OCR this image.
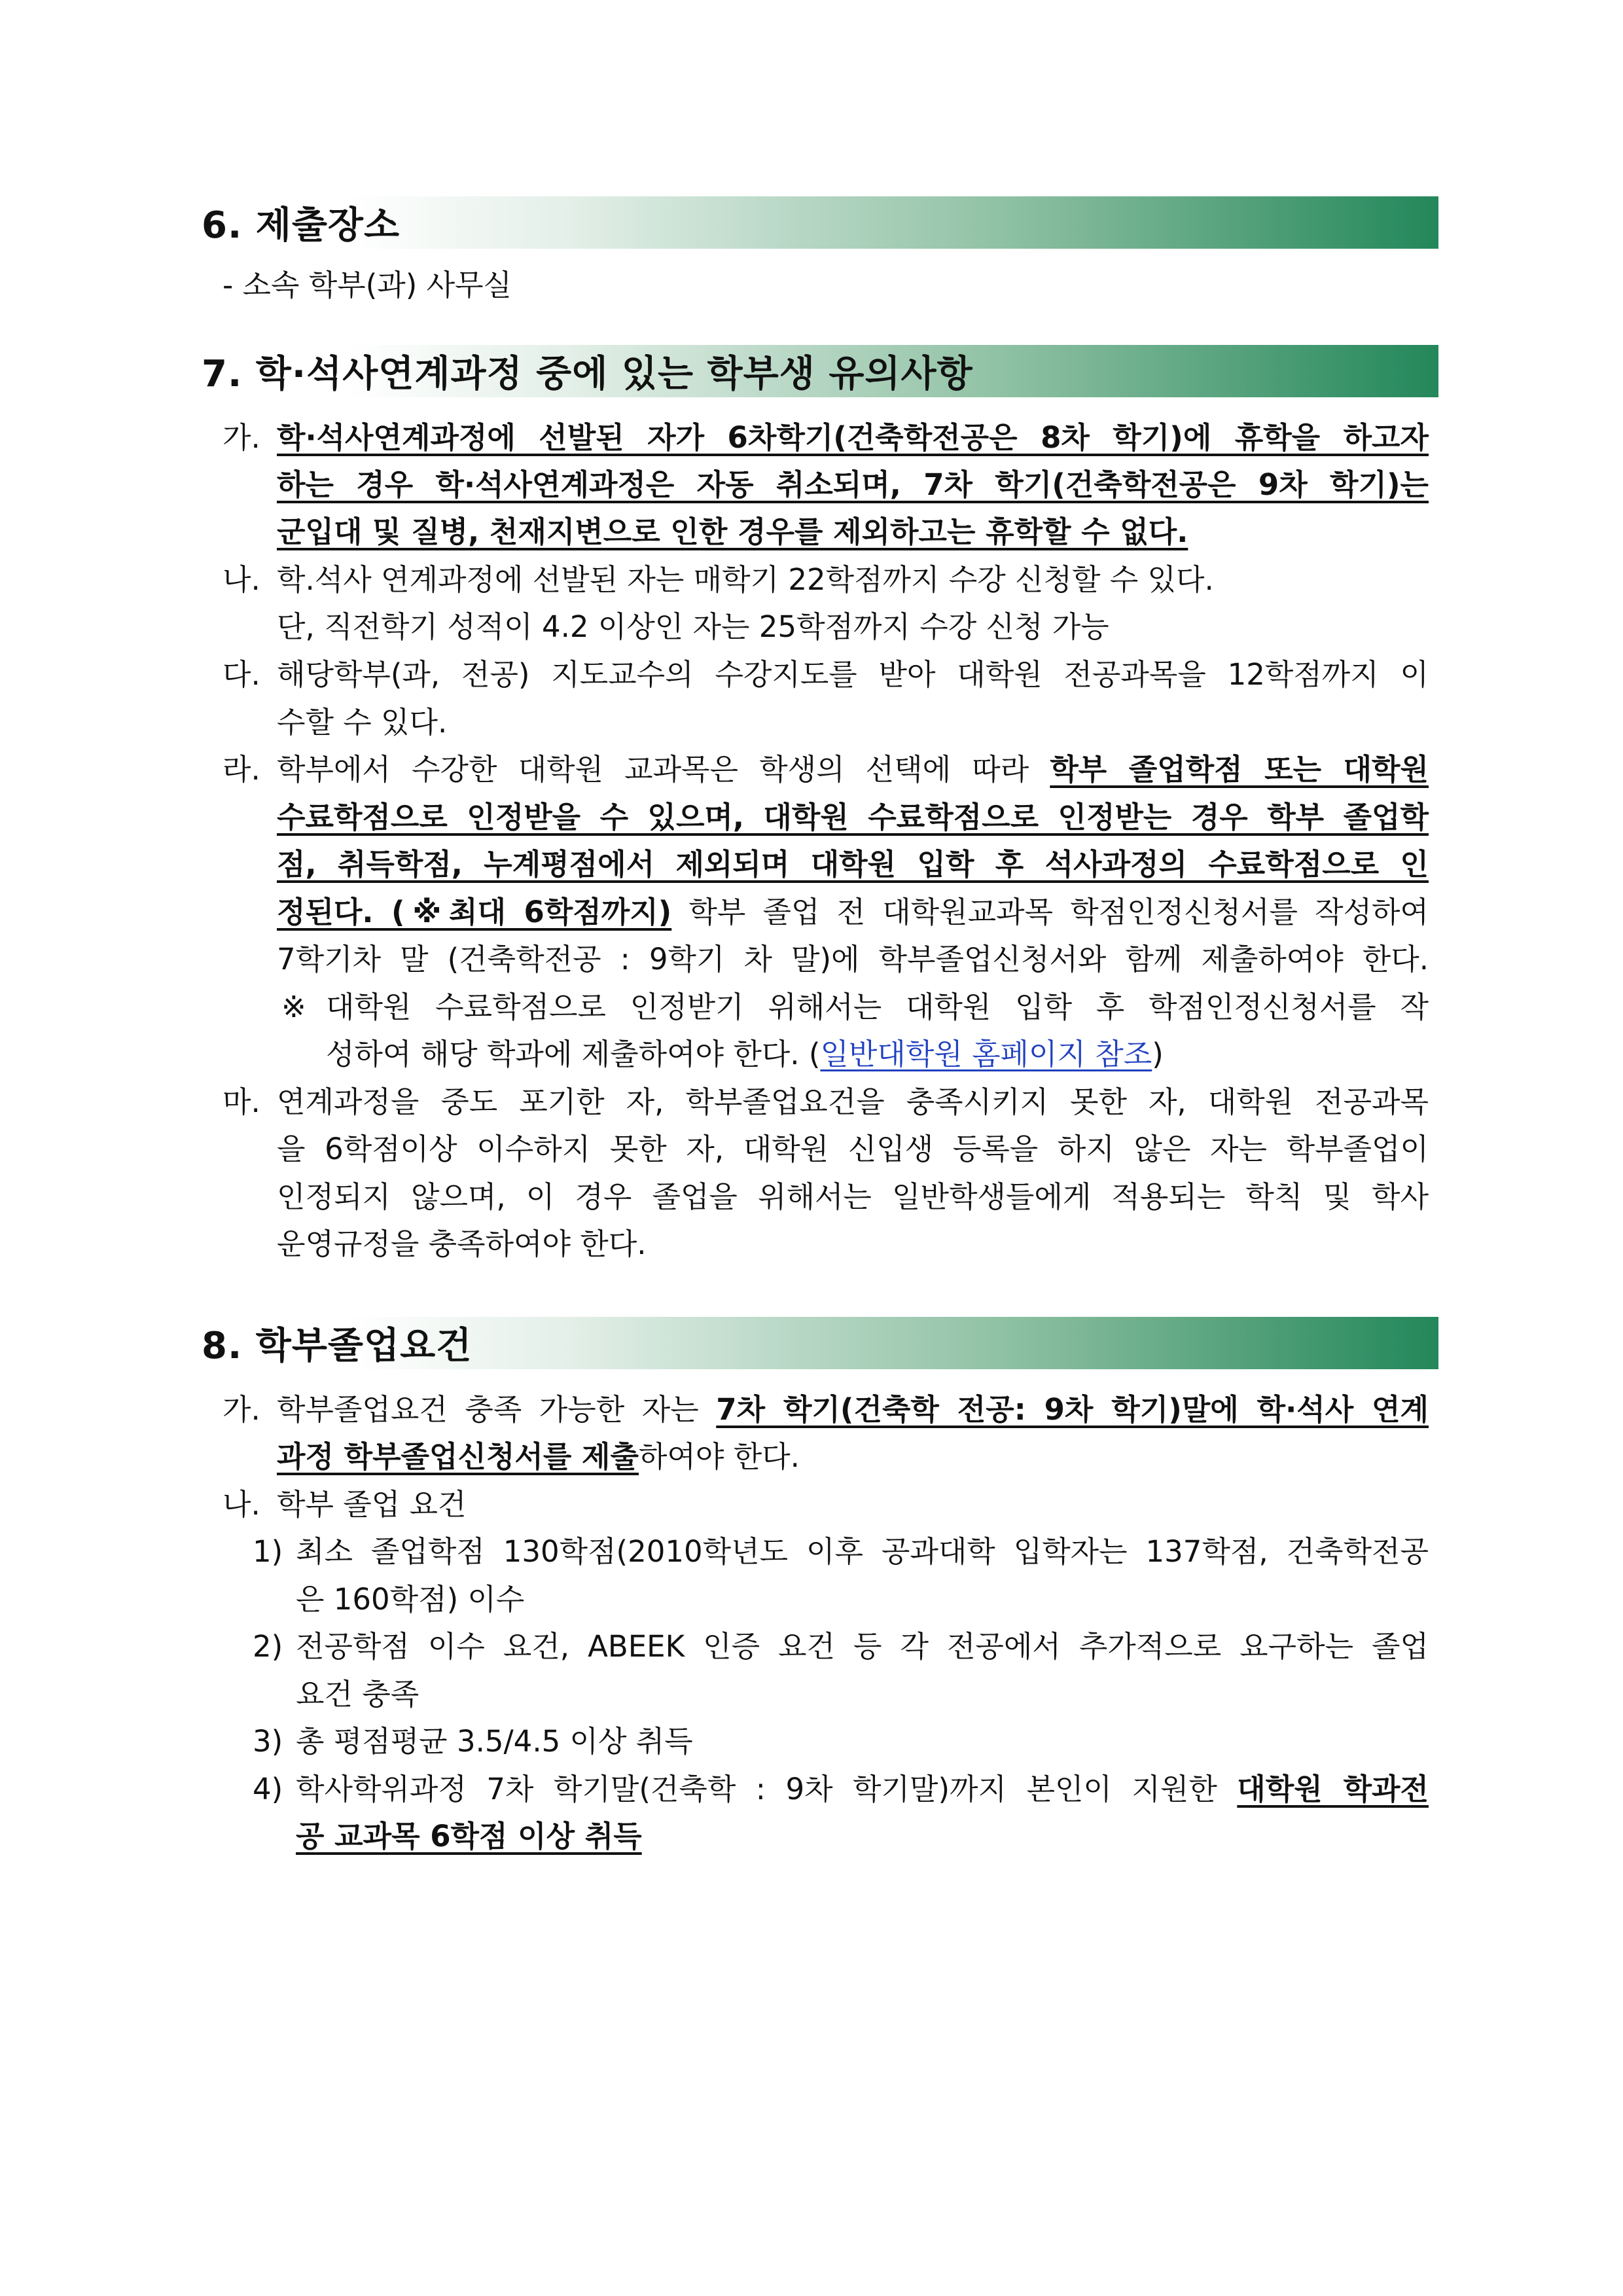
6. 제출장소
- 소속 학부(과) 사무실
7. 학·석사연계과정 중에 있는 학부생 유의사항
가. 학·석사연계과정에 선발된 자가 6차학기(건축학전공은 8차 학기)에 휴학을 하고자
하는 경우 학·석사연계과정은 자동 취소되며, 7차 학기(건축학전공은 9차 학기)는
군입대 및 질병, 천재지변으로 인한 경우를 제외하고는 휴학할 수 없다.
나. 학.석사 연계과정에 선발된 자는 매학기 22학점까지 수강 신청할 수 있다.
단, 직전학기 성적이 4.2 이상인 자는 25학점까지 수강 신청 가능
다. 해당학부(과, 전공) 지도교수의 수강지도를 받아 대학원 전공과목을 12학점까지 이
수할 수 있다.
라. 학부에서 수강한 대학원 교과목은 학생의 선택에 따라 학부 졸업학점 또는 대학원
수료학점으로 인정받을 수 있으며, 대학원 수료학점으로 인정받는 경우 학부 졸업학
점, 취득학점, 누계평점에서 제외되며 대학원 입학 후 석사과정의 수료학점으로 인
정된다. (※최대 6학점까지) 학부 졸업 전 대학원교과목 학점인정신청서를 작성하여
7학기차 말 (건축학전공 : 9학기 차 말)에 학부졸업신청서와 함께 제출하여야 한다.
※ 대학원 수료학점으로 인정받기 위해서는 대학원 입학 후 학점인정신청서를 작
성하여 해당 학과에 제출하여야 한다. (일반대학원 홈페이지 참조)
마. 연계과정을 중도 포기한 자, 학부졸업요건을 충족시키지 못한 자, 대학원 전공과목
을 6학점이상 이수하지 못한 자, 대학원 신입생 등록을 하지 않은 자는 학부졸업이
인정되지 않으며, 이 경우 졸업을 위해서는 일반학생들에게 적용되는 학칙 및 학사
운영규정을 충족하여야 한다.
8. 학부졸업요건
가. 학부졸업요건 충족 가능한 자는 7차 학기(건축학 전공: 9차 학기)말에 학·석사 연계
과정 학부졸업신청서를 제출하여야 한다.
나. 학부 졸업 요건
1) 최소 졸업학점 130학점(2010학년도 이후 공과대학 입학자는 137학점, 건축학전공
은 160학점) 이수
2) 전공학점 이수 요건, ABEEK 인증 요건 등 각 전공에서 추가적으로 요구하는 졸업
요건 충족
3) 총 평점평균 3.5/4.5 이상 취득
4) 학사학위과정 7차 학기말(건축학 : 9차 학기말)까지 본인이 지원한 대학원 학과전
공 교과목 6학점 이상 취득
